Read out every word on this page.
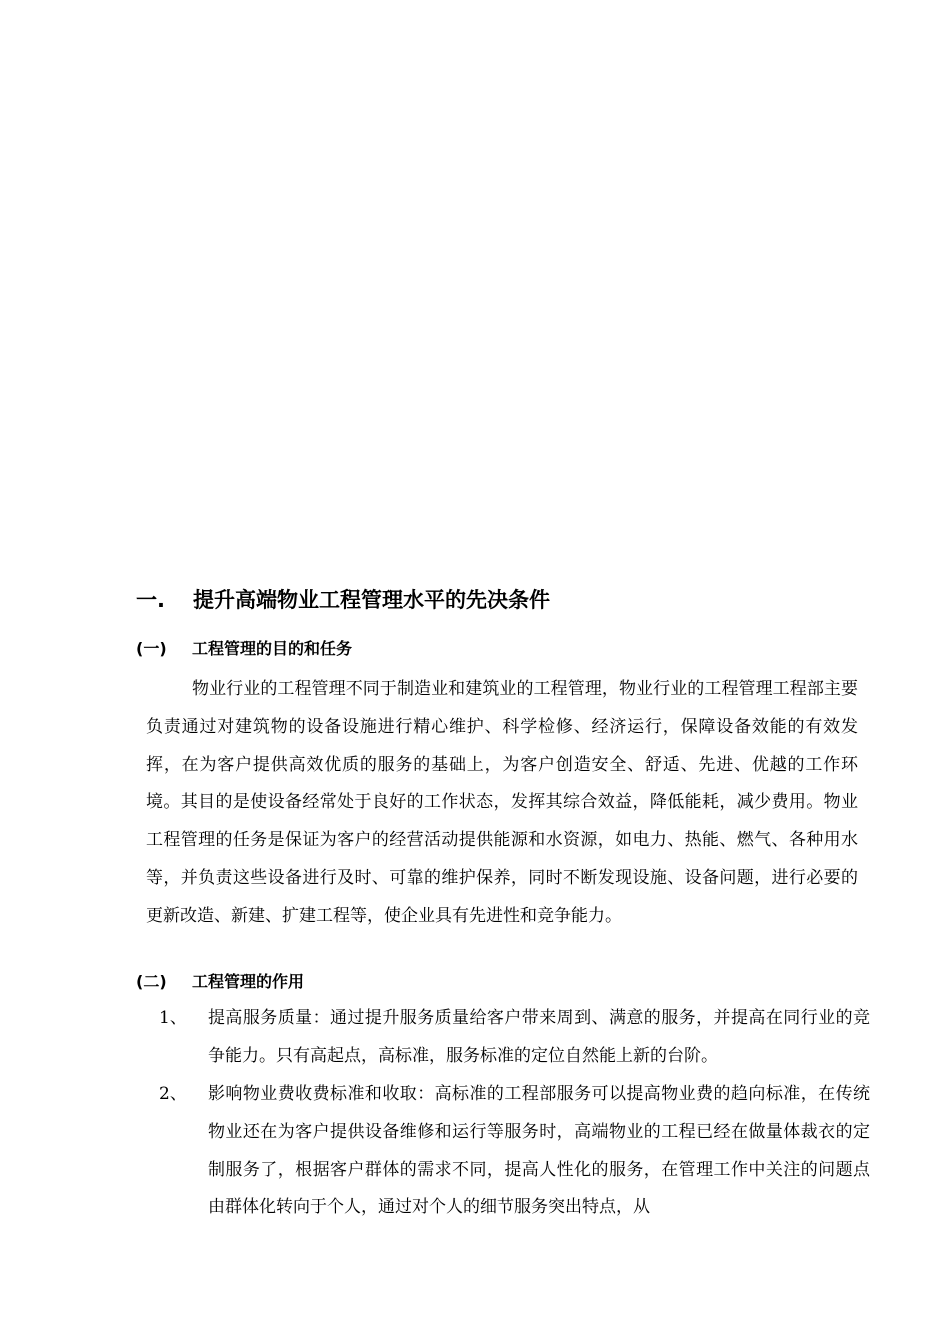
一. 提升高端物业工程管理水平的先决条件
(一) 工程管理的目的和任务

物业行业的工程管理不同于制造业和建筑业的工程管理，物业行业的工程管理工程部主要负责通过对建筑物的设备设施进行精心维护、科学检修、经济运行，保障设备效能的有效发挥，在为客户提供高效优质的服务的基础上，为客户创造安全、舒适、先进、优越的工作环境。其目的是使设备经常处于良好的工作状态，发挥其综合效益，降低能耗，减少费用。物业工程管理的任务是保证为客户的经营活动提供能源和水资源，如电力、热能、燃气、各种用水等，并负责这些设备进行及时、可靠的维护保养，同时不断发现设施、设备问题，进行必要的更新改造、新建、扩建工程等，使企业具有先进性和竞争能力。

(二) 工程管理的作用
1、	提高服务质量：通过提升服务质量给客户带来周到、满意的服务，并提高在同行业的竞争能力。只有高起点，高标准，服务标准的定位自然能上新的台阶。
2、	影响物业费收费标准和收取：高标准的工程部服务可以提高物业费的趋向标准，在传统物业还在为客户提供设备维修和运行等服务时，高端物业的工程已经在做量体裁衣的定制服务了，根据客户群体的需求不同，提高人性化的服务，在管理工作中关注的问题点由群体化转向于个人，通过对个人的细节服务突出特点，从
